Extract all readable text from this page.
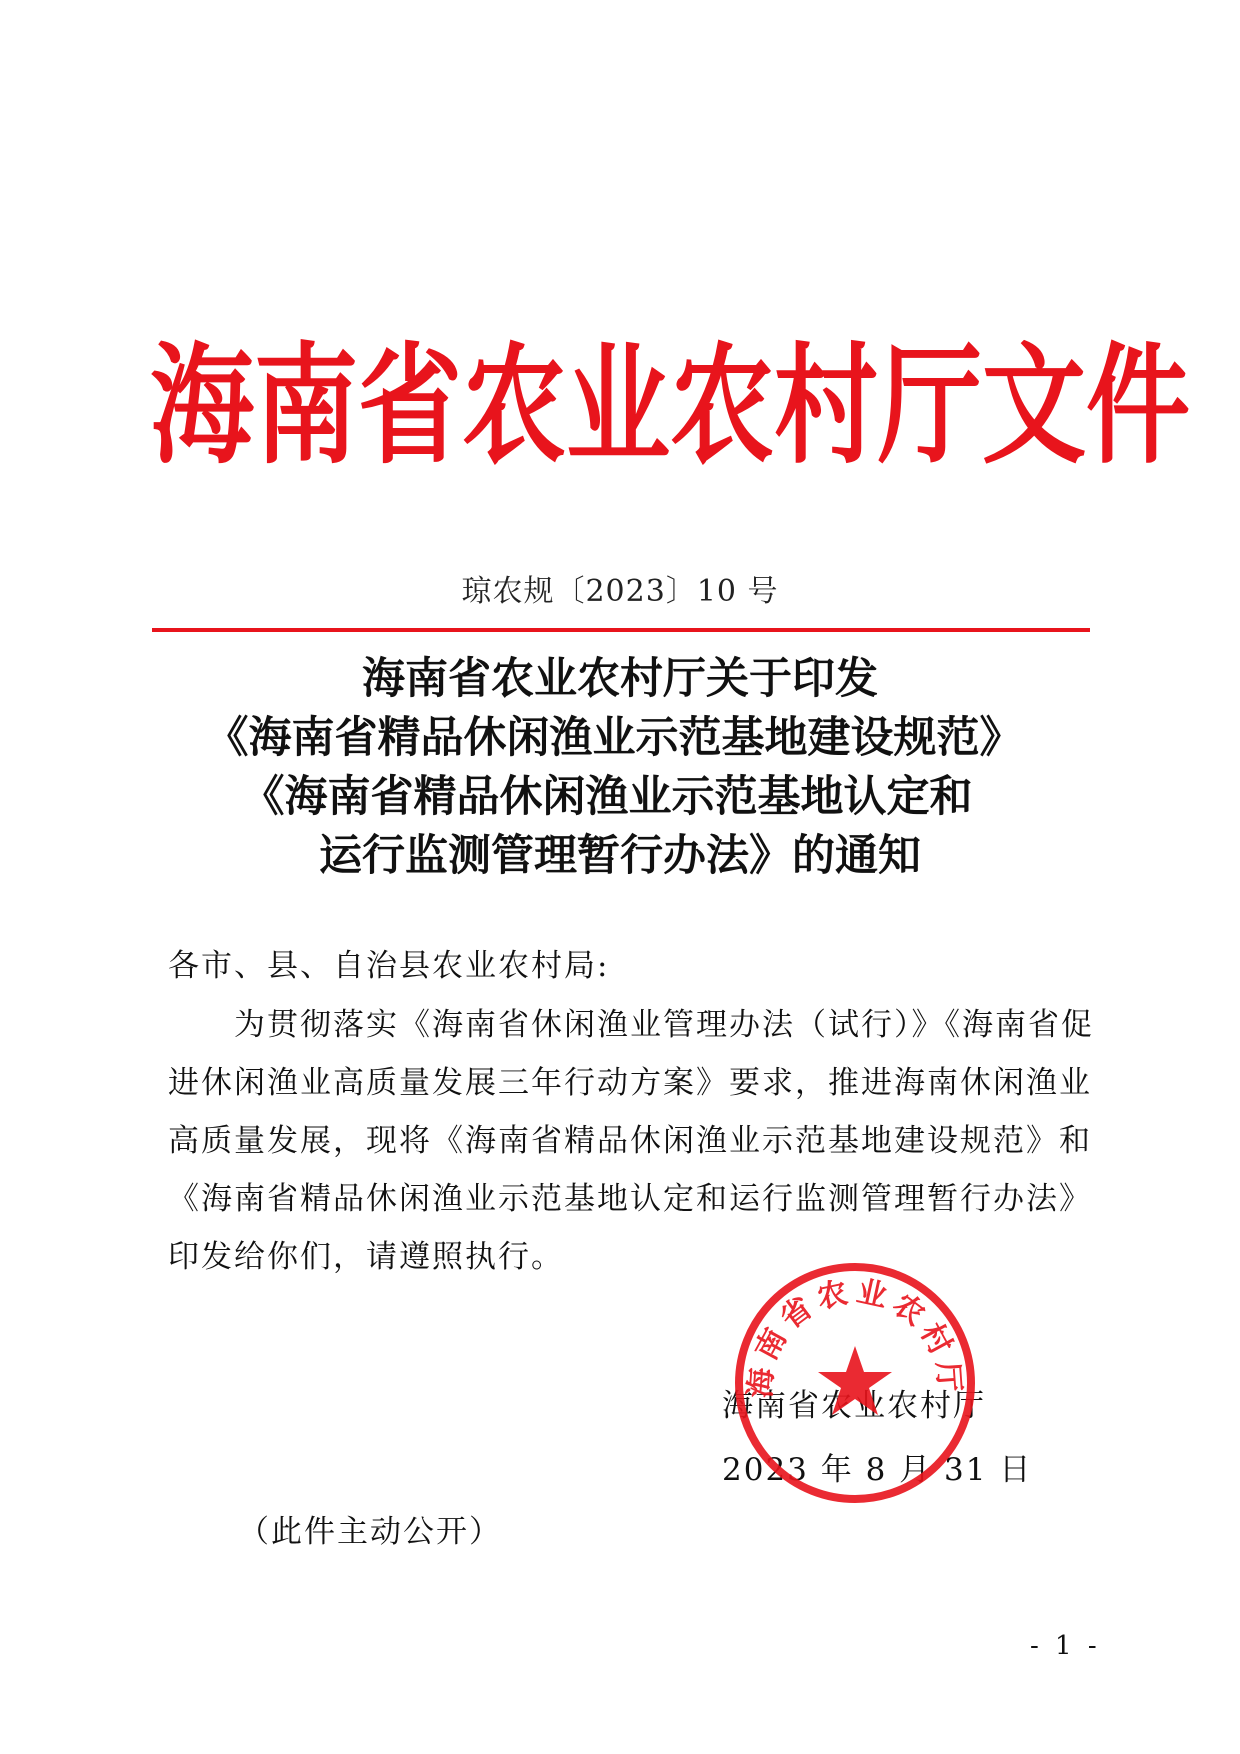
海南省农业农村厅文件
琼农规〔2023〕10 号
海南省农业农村厅关于印发
《海南省精品休闲渔业示范基地建设规范》
《海南省精品休闲渔业示范基地认定和
运行监测管理暂行办法》的通知
各市、县、自治县农业农村局:
为贯彻落实《海南省休闲渔业管理办法（试行）》《海南省促
进休闲渔业高质量发展三年行动方案》要求，推进海南休闲渔业
高质量发展，现将《海南省精品休闲渔业示范基地建设规范》和
《海南省精品休闲渔业示范基地认定和运行监测管理暂行办法》
印发给你们，请遵照执行。
海南省农业农村厅
2023 年 8 月 31 日
海南省农业农村厅
（此件主动公开）
- 1 -
